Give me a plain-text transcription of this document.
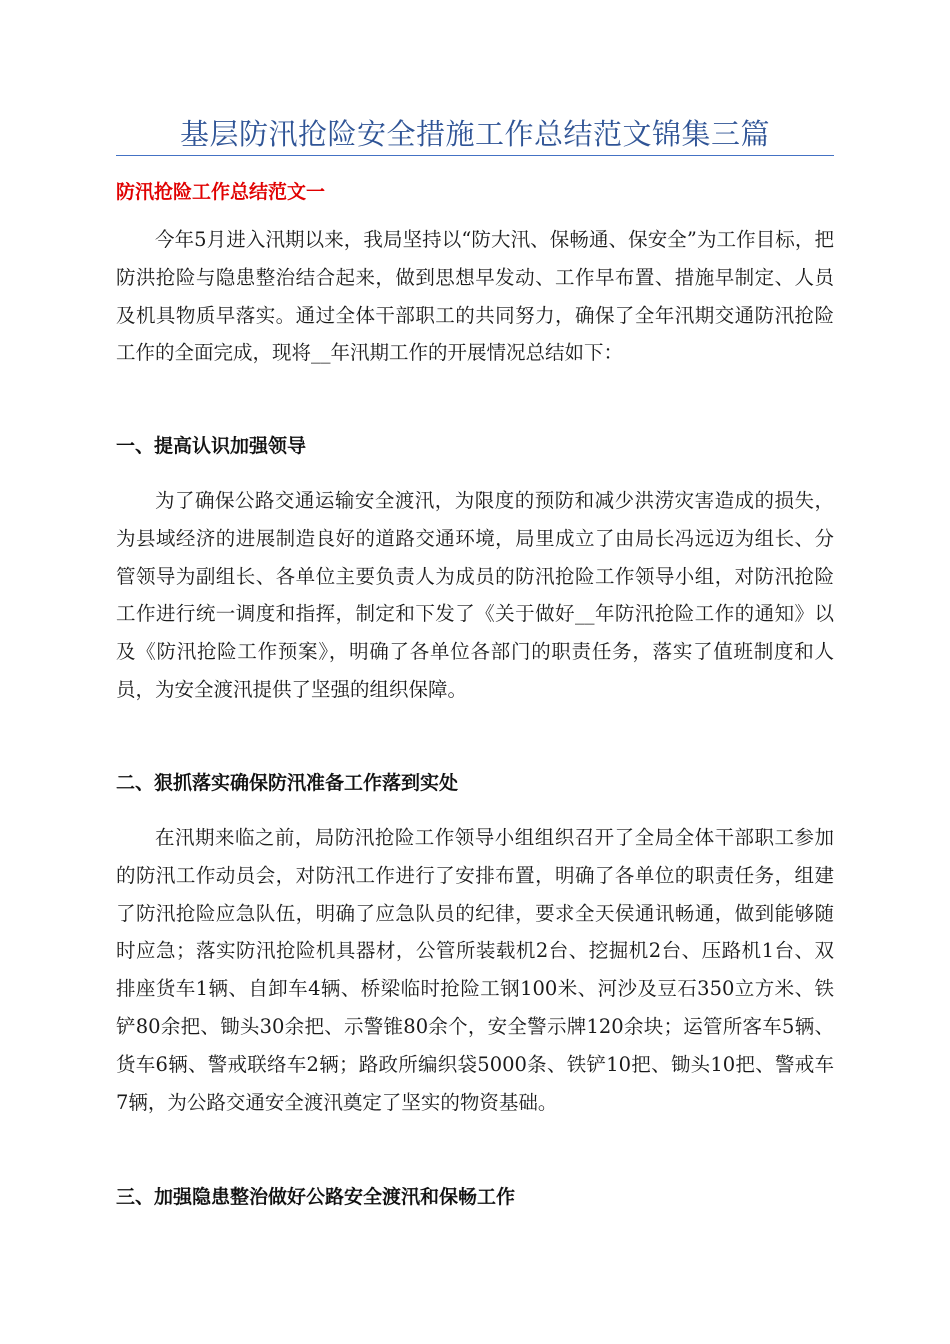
基层防汛抢险安全措施工作总结范文锦集三篇
防汛抢险工作总结范文一

今年5月进入汛期以来，我局坚持以“防大汛、保畅通、保安全”为工作目标，把防洪抢险与隐患整治结合起来，做到思想早发动、工作早布置、措施早制定、人员及机具物质早落实。通过全体干部职工的共同努力，确保了全年汛期交通防汛抢险工作的全面完成，现将__年汛期工作的开展情况总结如下：

一、提高认识加强领导

为了确保公路交通运输安全渡汛，为限度的预防和减少洪涝灾害造成的损失，为县域经济的进展制造良好的道路交通环境，局里成立了由局长冯远迈为组长、分管领导为副组长、各单位主要负责人为成员的防汛抢险工作领导小组，对防汛抢险工作进行统一调度和指挥，制定和下发了《关于做好__年防汛抢险工作的通知》以及《防汛抢险工作预案》，明确了各单位各部门的职责任务，落实了值班制度和人员，为安全渡汛提供了坚强的组织保障。

二、狠抓落实确保防汛准备工作落到实处

在汛期来临之前，局防汛抢险工作领导小组组织召开了全局全体干部职工参加的防汛工作动员会，对防汛工作进行了安排布置，明确了各单位的职责任务，组建了防汛抢险应急队伍，明确了应急队员的纪律，要求全天侯通讯畅通，做到能够随时应急；落实防汛抢险机具器材，公管所装载机2台、挖掘机2台、压路机1台、双排座货车1辆、自卸车4辆、桥梁临时抢险工钢100米、河沙及豆石350立方米、铁铲80余把、锄头30余把、示警锥80余个，安全警示牌120余块；运管所客车5辆、货车6辆、警戒联络车2辆；路政所编织袋5000条、铁铲10把、锄头10把、警戒车7辆，为公路交通安全渡汛奠定了坚实的物资基础。

三、加强隐患整治做好公路安全渡汛和保畅工作
